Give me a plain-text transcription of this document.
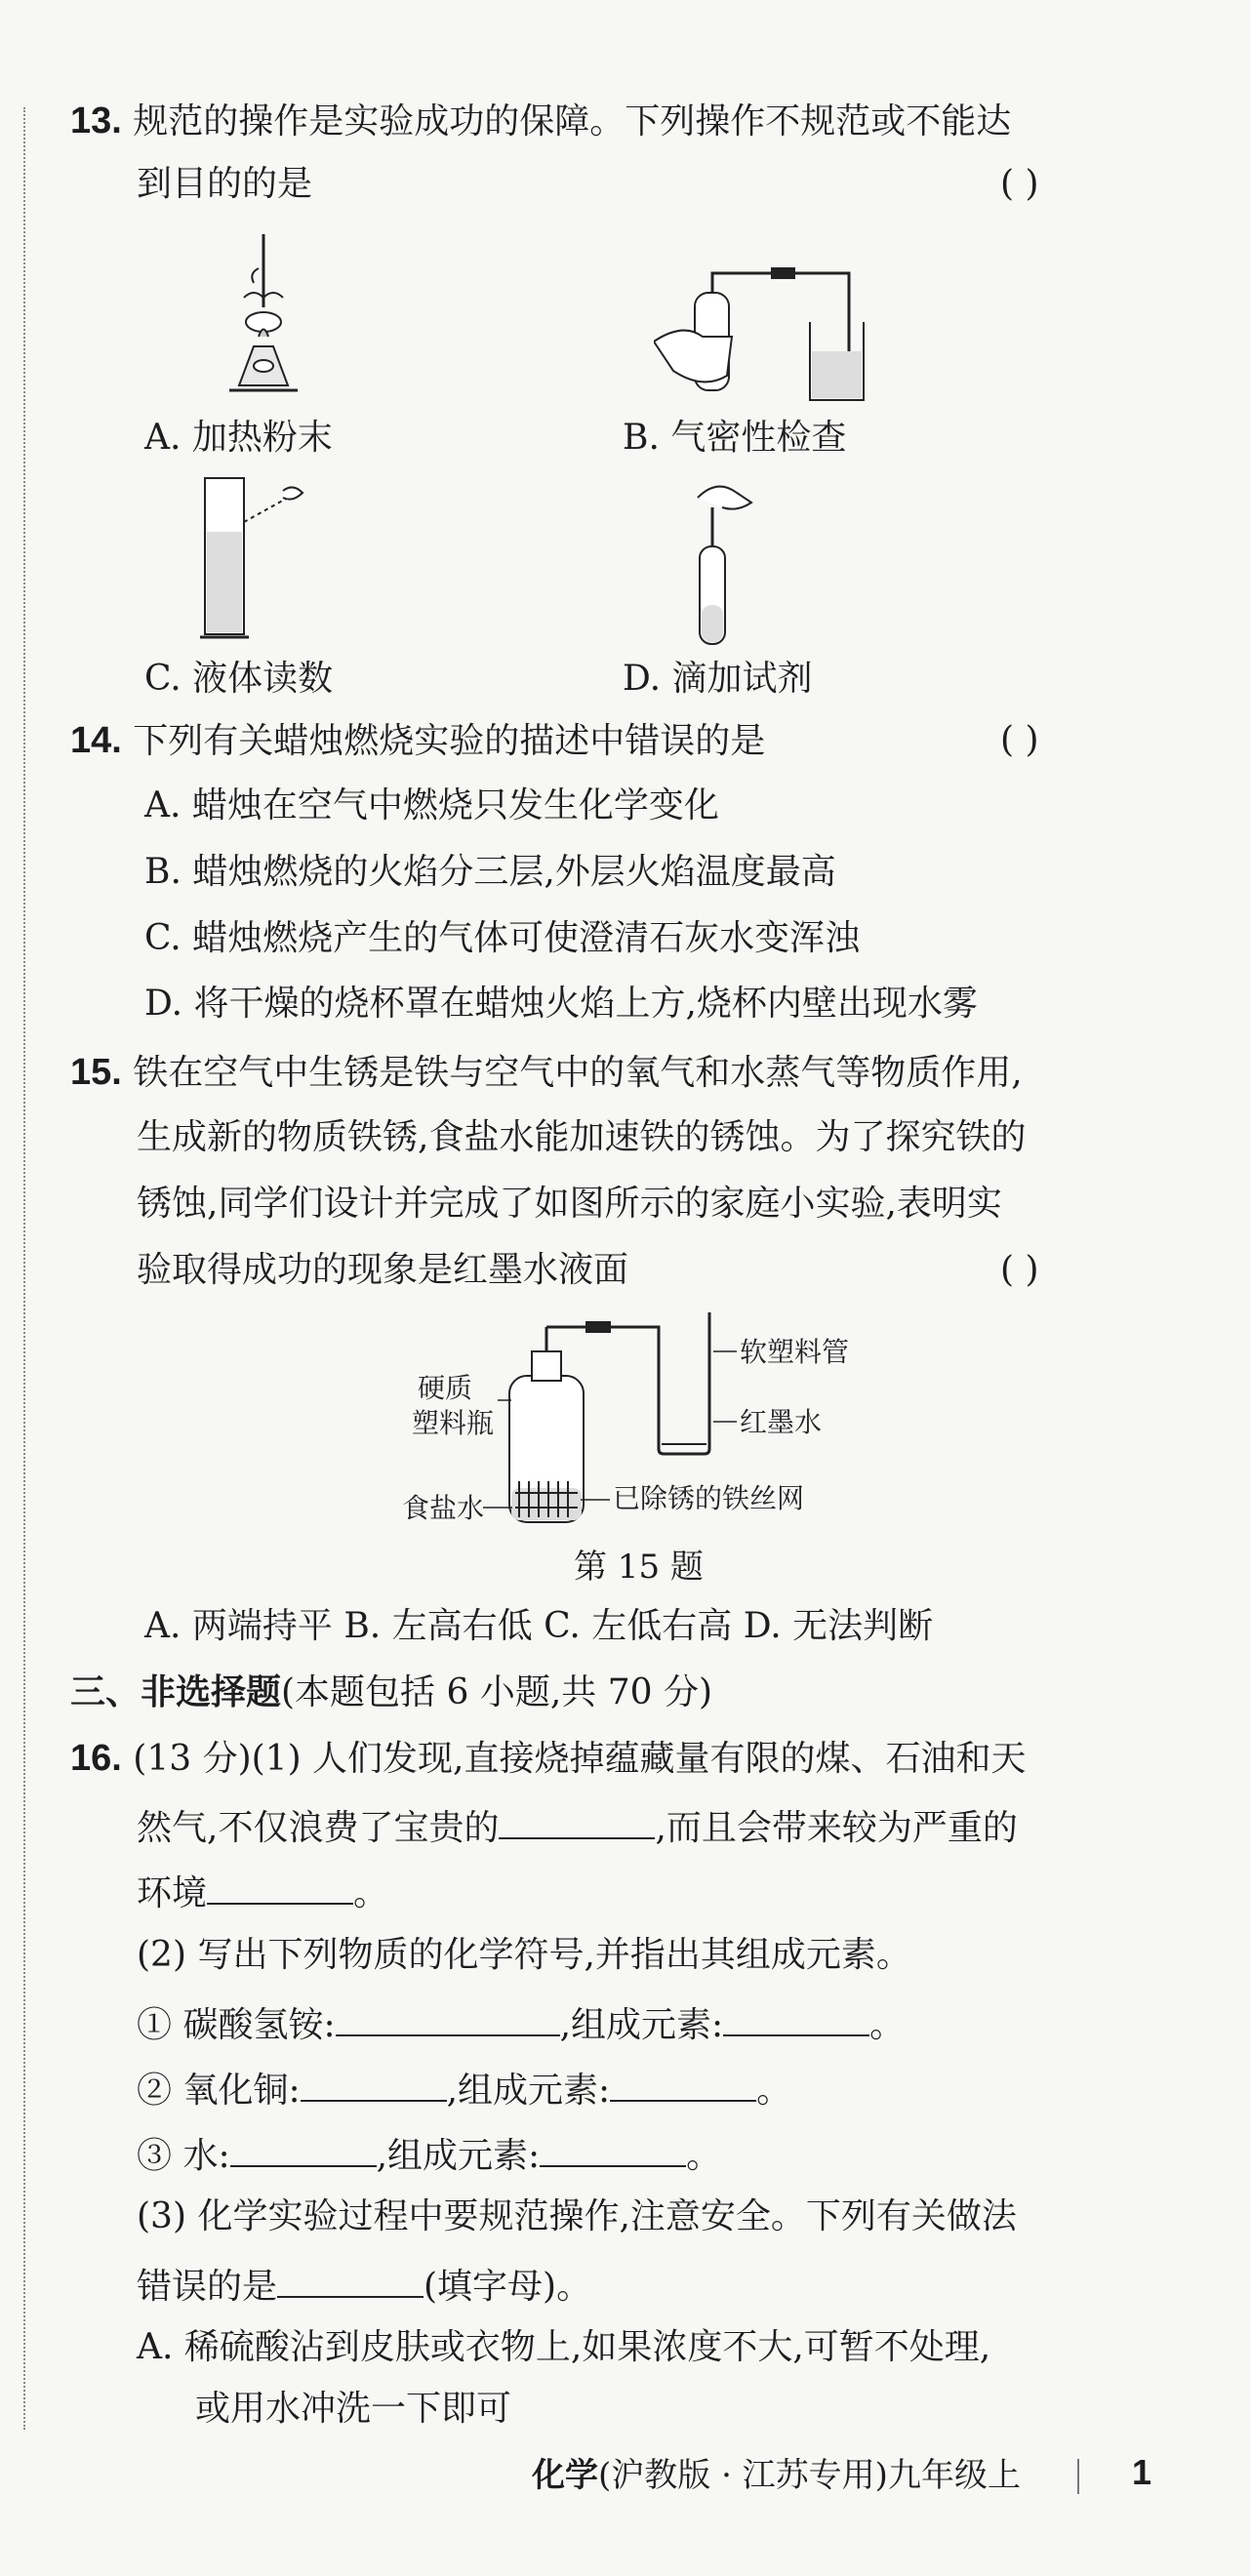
13. 规范的操作是实验成功的保障。下列操作不规范或不能达
到目的的是	( )
A. 加热粉末	B. 气密性检查
C. 液体读数	D. 滴加试剂
14. 下列有关蜡烛燃烧实验的描述中错误的是	( )
A. 蜡烛在空气中燃烧只发生化学变化
B. 蜡烛燃烧的火焰分三层,外层火焰温度最高
C. 蜡烛燃烧产生的气体可使澄清石灰水变浑浊
D. 将干燥的烧杯罩在蜡烛火焰上方,烧杯内壁出现水雾
15. 铁在空气中生锈是铁与空气中的氧气和水蒸气等物质作用,
生成新的物质铁锈,食盐水能加速铁的锈蚀。为了探究铁的
锈蚀,同学们设计并完成了如图所示的家庭小实验,表明实
验取得成功的现象是红墨水液面	( )
软塑料管
红墨水
硬质
塑料瓶
食盐水	已除锈的铁丝网
第 15 题
A. 两端持平 B. 左高右低 C. 左低右高 D. 无法判断
三、非选择题(本题包括 6 小题,共 70 分)
16. (13 分)(1) 人们发现,直接烧掉蕴藏量有限的煤、石油和天
然气,不仅浪费了宝贵的	,而且会带来较为严重的
环境	。
(2) 写出下列物质的化学符号,并指出其组成元素。
① 碳酸氢铵:	,组成元素:	。
② 氧化铜:	,组成元素:	。
③ 水:	,组成元素:	。
(3) 化学实验过程中要规范操作,注意安全。下列有关做法
错误的是	(填字母)。
A. 稀硫酸沾到皮肤或衣物上,如果浓度不大,可暂不处理,
或用水冲洗一下即可
化学(沪教版 · 江苏专用)九年级上	1
